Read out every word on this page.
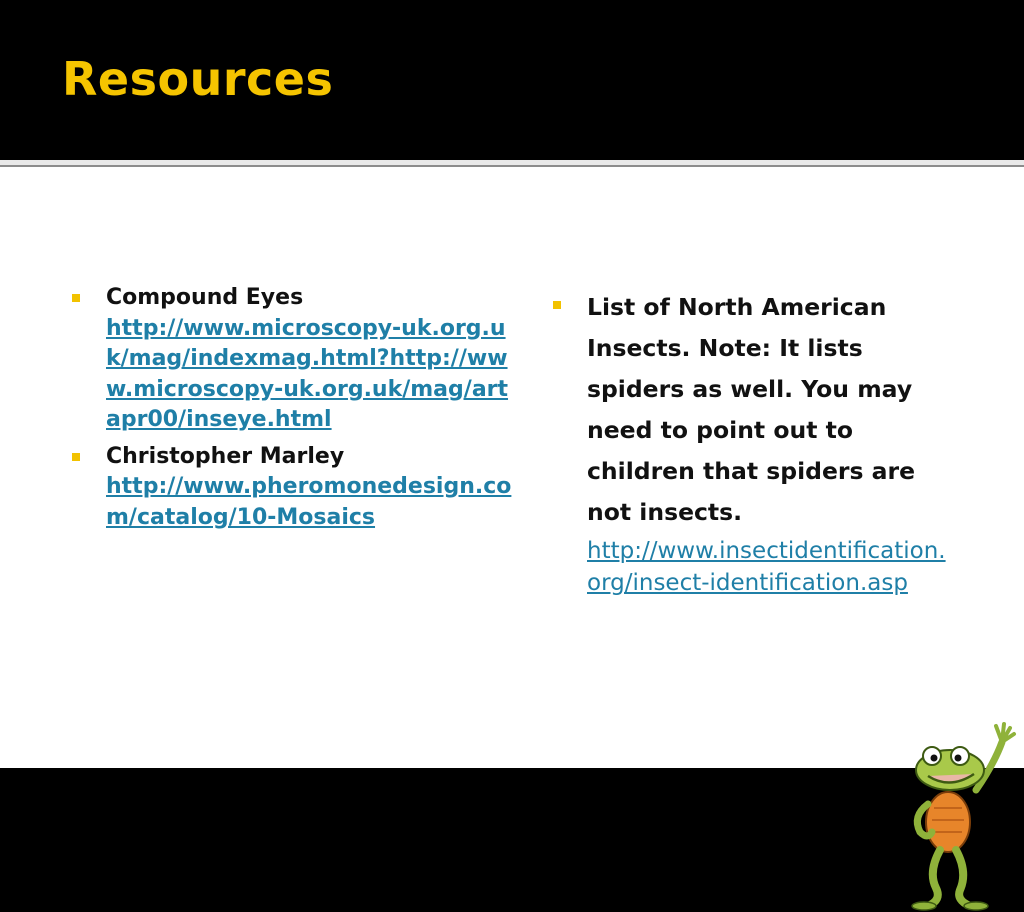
Resources
Compound Eyes
http://www.microscopy-uk.org.uk/mag/indexmag.html?http://www.microscopy-uk.org.uk/mag/artapr00/inseye.html
Christopher Marley
http://www.pheromonedesign.com/catalog/10-Mosaics
List of North American Insects. Note: It lists spiders as well. You may need to point out to children that spiders are not insects.
http://www.insectidentification.org/insect-identification.asp
